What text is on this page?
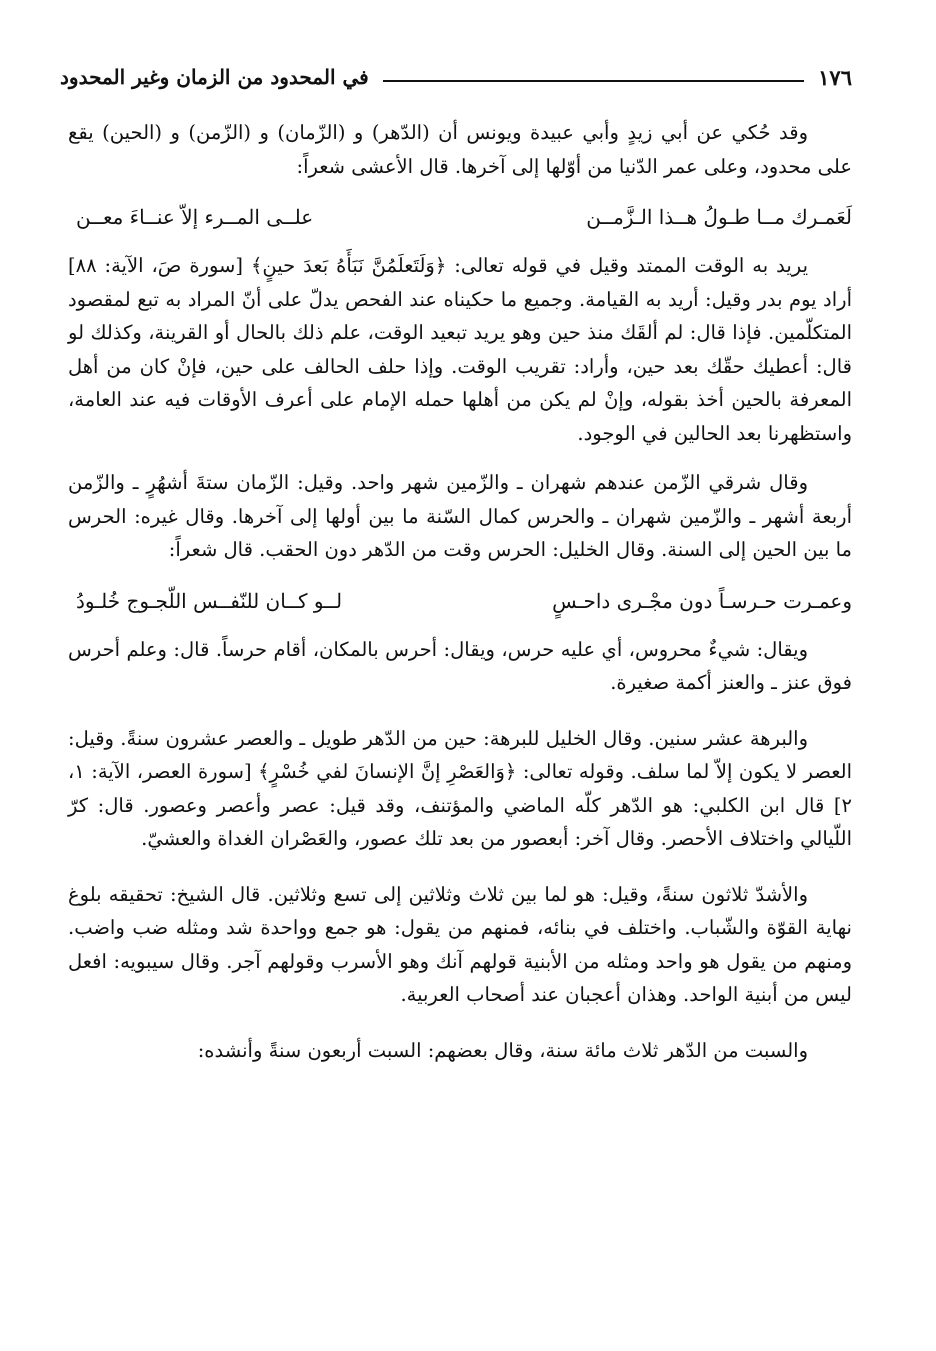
١٧٦
في المحدود من الزمان وغير المحدود

وقد حُكي عن أبي زيدٍ وأبي عبيدة ويونس أن (الدّهر) و (الزّمان) و (الزّمن) و (الحين) يقع على محدود، وعلى عمر الدّنيا من أوّلها إلى آخرها. قال الأعشى شعراً:

لَعَمـرك مــا طـولُ هــذا الـزَّمــن
علــى المــرء إلاّ عنــاءَ معــن

يريد به الوقت الممتد وقيل في قوله تعالى: ﴿وَلَتَعلَمُنَّ نَبَأَهُ بَعدَ حينٍ﴾ [سورة صَ، الآية: ٨٨] أراد يوم بدر وقيل: أريد به القيامة. وجميع ما حكيناه عند الفحص يدلّ على أنّ المراد به تبع لمقصود المتكلّمين. فإذا قال: لم ألقَك منذ حين وهو يريد تبعيد الوقت، علم ذلك بالحال أو القرينة، وكذلك لو قال: أعطيك حقّك بعد حين، وأراد: تقريب الوقت. وإذا حلف الحالف على حين، فإنْ كان من أهل المعرفة بالحين أخذ بقوله، وإنْ لم يكن من أهلها حمله الإمام على أعرف الأوقات فيه عند العامة، واستظهرنا بعد الحالين في الوجود.

وقال شرقي الزّمن عندهم شهران ـ والزّمين شهر واحد. وقيل: الزّمان ستةَ أشهُرٍ ـ والزّمن أربعة أشهر ـ والزّمين شهران ـ والحرس كمال السّنة ما بين أولها إلى آخرها. وقال غيره: الحرس ما بين الحين إلى السنة. وقال الخليل: الحرس وقت من الدّهر دون الحقب. قال شعراً:

وعمـرت حـرسـاً دون مجْـرى داحـسٍ
لــو كــان للنّفــس اللّجـوج خُلـودُ

ويقال: شيءٌ محروس، أي عليه حرس، ويقال: أحرس بالمكان، أقام حرساً. قال: وعلم أحرس فوق عنز ـ والعنز أكمة صغيرة.

والبرهة عشر سنين. وقال الخليل للبرهة: حين من الدّهر طويل ـ والعصر عشرون سنةً. وقيل: العصر لا يكون إلاّ لما سلف. وقوله تعالى: ﴿وَالعَصْرِ إنَّ الإنسانَ لفي خُسْرٍ﴾ [سورة العصر، الآية: ١، ٢] قال ابن الكلبي: هو الدّهر كلّه الماضي والمؤتنف، وقد قيل: عصر وأعصر وعصور. قال: كرّ اللّيالي واختلاف الأحصر. وقال آخر: أبعصور من بعد تلك عصور، والعَصْران الغداة والعشيّ.

والأشدّ ثلاثون سنةً، وقيل: هو لما بين ثلاث وثلاثين إلى تسع وثلاثين. قال الشيخ: تحقيقه بلوغ نهاية القوّة والشّباب. واختلف في بنائه، فمنهم من يقول: هو جمع وواحدة شد ومثله ضب واضب. ومنهم من يقول هو واحد ومثله من الأبنية قولهم آنك وهو الأسرب وقولهم آجر. وقال سيبويه: افعل ليس من أبنية الواحد. وهذان أعجبان عند أصحاب العربية.

والسبت من الدّهر ثلاث مائة سنة، وقال بعضهم: السبت أربعون سنةً وأنشده:
